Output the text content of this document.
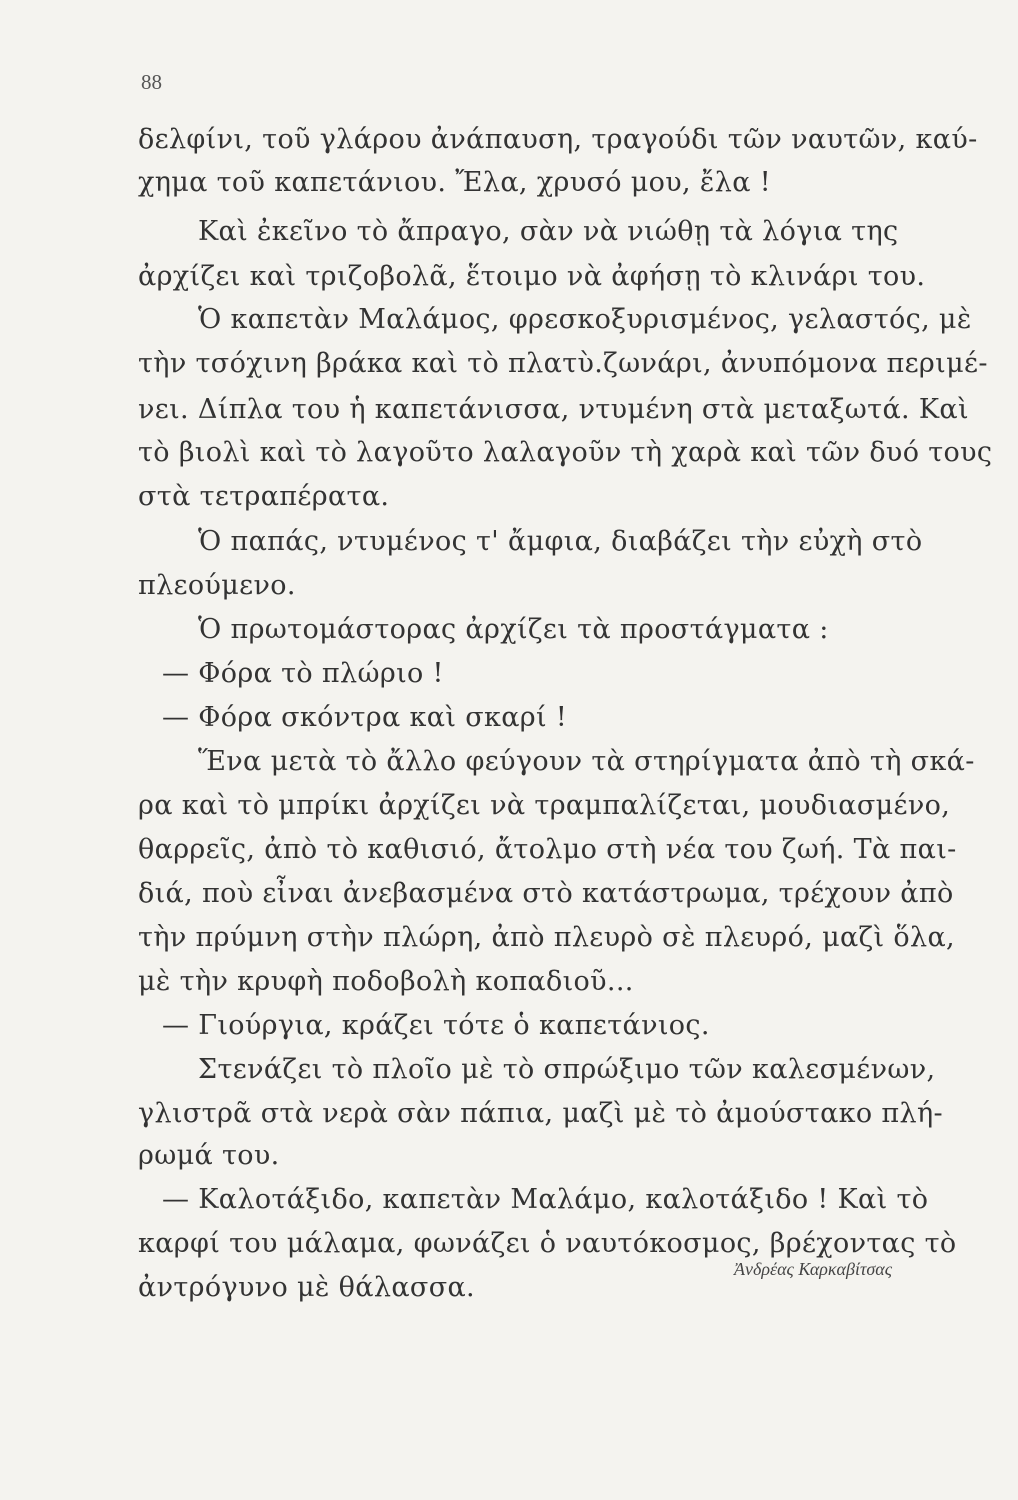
88
δελφίνι, τοῦ γλάρου ἀνάπαυση, τραγούδι τῶν ναυτῶν, καύ-
χημα τοῦ καπετάνιου. Ἔλα, χρυσό μου, ἔλα !
Καὶ ἐκεῖνο τὸ ἄπραγο, σὰν νὰ νιώθῃ τὰ λόγια της
ἀρχίζει καὶ τριζοβολᾶ, ἕτοιμο νὰ ἀφήσῃ τὸ κλινάρι του.
Ὁ καπετὰν Μαλάμος, φρεσκοξυρισμένος, γελαστός, μὲ
τὴν τσόχινη βράκα καὶ τὸ πλατὺ.ζωνάρι, ἀνυπόμονα περιμέ-
νει. Δίπλα του ἡ καπετάνισσα, ντυμένη στὰ μεταξωτά. Καὶ
τὸ βιολὶ καὶ τὸ λαγοῦτο λαλαγοῦν τὴ χαρὰ καὶ τῶν δυό τους
στὰ τετραπέρατα.
Ὁ παπάς, ντυμένος τ' ἄμφια, διαβάζει τὴν εὐχὴ στὸ
πλεούμενο.
Ὁ πρωτομάστορας ἀρχίζει τὰ προστάγματα :
— Φόρα τὸ πλώριο !
— Φόρα σκόντρα καὶ σκαρί !
Ἕνα μετὰ τὸ ἄλλο φεύγουν τὰ στηρίγματα ἀπὸ τὴ σκά-
ρα καὶ τὸ μπρίκι ἀρχίζει νὰ τραμπαλίζεται, μουδιασμένο,
θαρρεῖς, ἀπὸ τὸ καθισιό, ἄτολμο στὴ νέα του ζωή. Τὰ παι-
διά, ποὺ εἶναι ἀνεβασμένα στὸ κατάστρωμα, τρέχουν ἀπὸ
τὴν πρύμνη στὴν πλώρη, ἀπὸ πλευρὸ σὲ πλευρό, μαζὶ ὅλα,
μὲ τὴν κρυφὴ ποδοβολὴ κοπαδιοῦ...
— Γιούργια, κράζει τότε ὁ καπετάνιος.
Στενάζει τὸ πλοῖο μὲ τὸ σπρώξιμο τῶν καλεσμένων,
γλιστρᾶ στὰ νερὰ σὰν πάπια, μαζὶ μὲ τὸ ἀμούστακο πλή-
ρωμά του.
— Καλοτάξιδο, καπετὰν Μαλάμο, καλοτάξιδο ! Καὶ τὸ
καρφί του μάλαμα, φωνάζει ὁ ναυτόκοσμος, βρέχοντας τὸ
ἀντρόγυνο μὲ θάλασσα.
Ἀνδρέας Καρκαβίτσας
